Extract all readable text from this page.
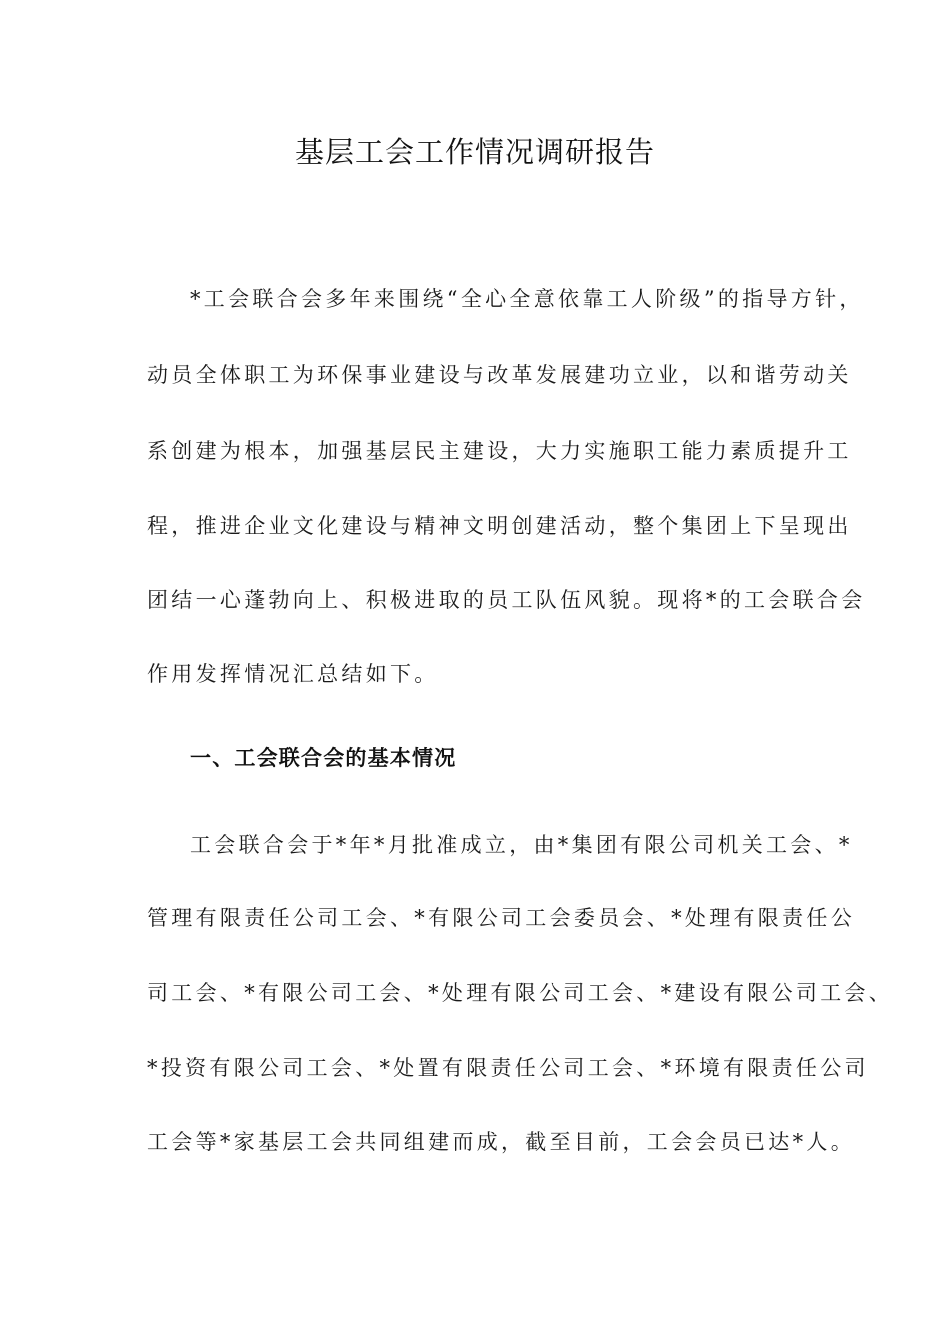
基层工会工作情况调研报告
*工会联合会多年来围绕“全心全意依靠工人阶级”的指导方针，
动员全体职工为环保事业建设与改革发展建功立业，以和谐劳动关
系创建为根本，加强基层民主建设，大力实施职工能力素质提升工
程，推进企业文化建设与精神文明创建活动，整个集团上下呈现出
团结一心蓬勃向上、积极进取的员工队伍风貌。现将*的工会联合会
作用发挥情况汇总结如下。
一、工会联合会的基本情况
工会联合会于*年*月批准成立，由*集团有限公司机关工会、*
管理有限责任公司工会、*有限公司工会委员会、*处理有限责任公
司工会、*有限公司工会、*处理有限公司工会、*建设有限公司工会、
*投资有限公司工会、*处置有限责任公司工会、*环境有限责任公司
工会等*家基层工会共同组建而成，截至目前，工会会员已达*人。
